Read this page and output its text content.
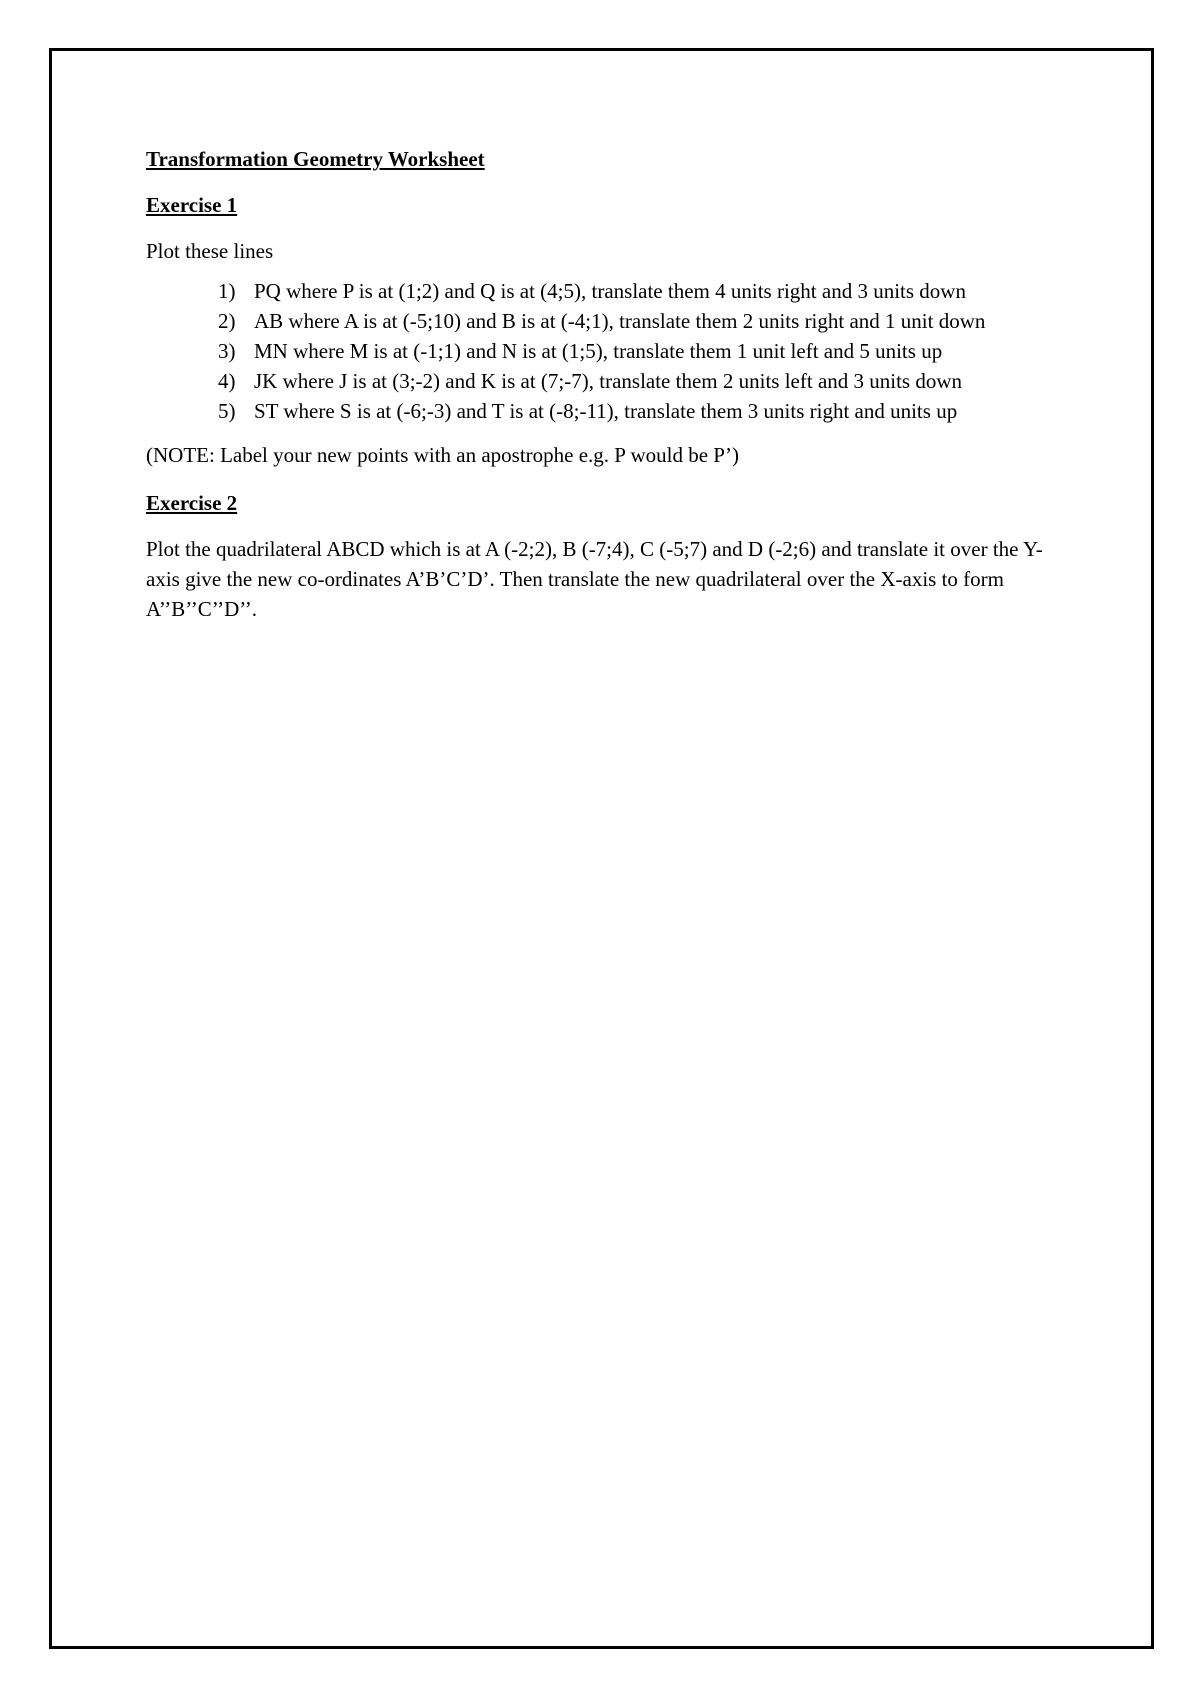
Transformation Geometry Worksheet
Exercise 1
Plot these lines
1) PQ where P is at (1;2) and Q is at (4;5), translate them 4 units right and 3 units down
2) AB where A is at (-5;10) and B is at (-4;1), translate them 2 units right and 1 unit down
3) MN where M is at (-1;1) and N is at (1;5), translate them 1 unit left and 5 units up
4) JK where J is at (3;-2) and K is at (7;-7), translate them 2 units left and 3 units down
5) ST where S is at (-6;-3) and T is at (-8;-11), translate them 3 units right and units up
(NOTE: Label your new points with an apostrophe e.g. P would be P’)
Exercise 2
Plot the quadrilateral ABCD which is at A (-2;2), B (-7;4), C (-5;7) and D (-2;6) and translate it over the Y-axis give the new co-ordinates A’B’C’D’. Then translate the new quadrilateral over the X-axis to form A’’B’’C’’D’’.
